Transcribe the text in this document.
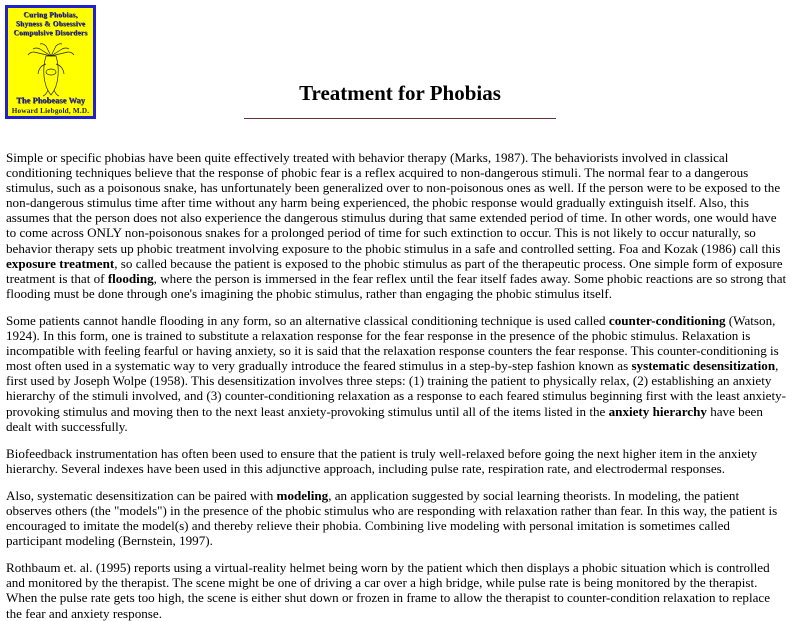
Curing Phobias,
Shyness & Obsessive
Compulsive Disorders
The Phobease Way
Howard Liebgold, M.D.
Treatment for Phobias

Simple or specific phobias have been quite effectively treated with behavior therapy (Marks, 1987). The behaviorists involved in classical conditioning techniques believe that the response of phobic fear is a reflex acquired to non-dangerous stimuli. The normal fear to a dangerous stimulus, such as a poisonous snake, has unfortunately been generalized over to non-poisonous ones as well. If the person were to be exposed to the non-dangerous stimulus time after time without any harm being experienced, the phobic response would gradually extinguish itself. Also, this assumes that the person does not also experience the dangerous stimulus during that same extended period of time. In other words, one would have to come across ONLY non-poisonous snakes for a prolonged period of time for such extinction to occur. This is not likely to occur naturally, so behavior therapy sets up phobic treatment involving exposure to the phobic stimulus in a safe and controlled setting. Foa and Kozak (1986) call this exposure treatment, so called because the patient is exposed to the phobic stimulus as part of the therapeutic process. One simple form of exposure treatment is that of flooding, where the person is immersed in the fear reflex until the fear itself fades away. Some phobic reactions are so strong that flooding must be done through one's imagining the phobic stimulus, rather than engaging the phobic stimulus itself.

Some patients cannot handle flooding in any form, so an alternative classical conditioning technique is used called counter-conditioning (Watson, 1924). In this form, one is trained to substitute a relaxation response for the fear response in the presence of the phobic stimulus. Relaxation is incompatible with feeling fearful or having anxiety, so it is said that the relaxation response counters the fear response. This counter-conditioning is most often used in a systematic way to very gradually introduce the feared stimulus in a step-by-step fashion known as systematic desensitization, first used by Joseph Wolpe (1958). This desensitization involves three steps: (1) training the patient to physically relax, (2) establishing an anxiety hierarchy of the stimuli involved, and (3) counter-conditioning relaxation as a response to each feared stimulus beginning first with the least anxiety-provoking stimulus and moving then to the next least anxiety-provoking stimulus until all of the items listed in the anxiety hierarchy have been dealt with successfully.

Biofeedback instrumentation has often been used to ensure that the patient is truly well-relaxed before going the next higher item in the anxiety hierarchy. Several indexes have been used in this adjunctive approach, including pulse rate, respiration rate, and electrodermal responses.

Also, systematic desensitization can be paired with modeling, an application suggested by social learning theorists. In modeling, the patient observes others (the "models") in the presence of the phobic stimulus who are responding with relaxation rather than fear. In this way, the patient is encouraged to imitate the model(s) and thereby relieve their phobia. Combining live modeling with personal imitation is sometimes called participant modeling (Bernstein, 1997).

Rothbaum et. al. (1995) reports using a virtual-reality helmet being worn by the patient which then displays a phobic situation which is controlled and monitored by the therapist. The scene might be one of driving a car over a high bridge, while pulse rate is being monitored by the therapist. When the pulse rate gets too high, the scene is either shut down or frozen in frame to allow the therapist to counter-condition relaxation to replace the fear and anxiety response.
